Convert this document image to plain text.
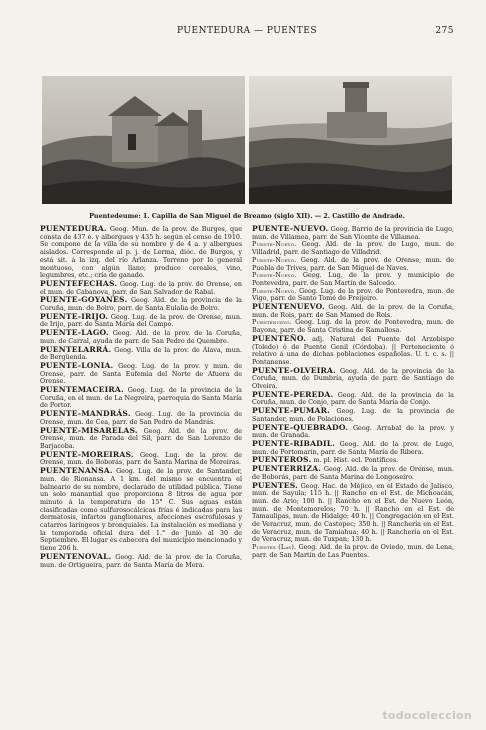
PUENTEDURA — PUENTES	275
Puentedeume: 1. Capilla de San Miguel de Breamo (siglo XII). — 2. Castillo de Andrade.

PUENTEDURA. Geog. Mun. de la prov. de Burgos, que consta de 437 e. y albergues y 435 h. según el censo de 1910. Se compone de la villa de su nombre y de 4 a. y albergues aislados. Corresponde al p. j. de Lerma, dióc. de Burgos, y está sit. á la izq. del río Arlanza. Terreno por lo general montuoso, con algún llano; produce cereales, vino, legumbres, etc.; cría de ganado.

PUENTEFECHAS. Geog. Lug. de la prov. de Orense, en el mun. de Cabanova, parr. de San Salvador de Rabal.

PUENTE-GOYANES. Geog. Ald. de la provincia de la Coruña, mun. de Boiro, parr. de Santa Eulalia de Boiro.

PUENTE-IRIJO. Geog. Lug. de la prov. de Orense, mun. de Irijo, parr. de Santa María del Campo.

PUENTE-LAGO. Geog. Ald. de la prov. de la Coruña, mun. de Carral, ayuda de parr. de San Pedro de Quembre.

PUENTELARRÁ. Geog. Villa de la prov. de Álava, mun. de Bergüenda.

PUENTE-LONIA. Geog. Lug. de la prov. y mun. de Orense, parr. de Santa Eufemia del Norte de Afuera de Orense.

PUENTEMACEIRA. Geog. Lug. de la provincia de la Coruña, en el mun. de La Negreira, parroquia de Santa María de Portor.

PUENTE-MANDRÁS. Geog. Lug. de la provincia de Orense, mun. de Cea, parr. de San Pedro de Mandrás.

PUENTE-MISARELAS. Geog. Ald. de la prov. de Orense, mun. de Parada del Sil, parr. de San Lorenzo de Barjacoba.

PUENTE-MOREIRAS. Geog. Lug. de la prov. de Orense, mun. de Boborás, parr. de Santa Marina de Moreiras.

PUENTENANSA. Geog. Lug. de la prov. de Santander, mun. de Rionansa. A 1 km. del mismo se encuentra el balneario de su nombre, declarado de utilidad pública. Tiene un solo manantial que proporciona 8 litros de agua por minuto á la temperatura de 15° C. Sus aguas están clasificadas como sulfurosocálcicas frías é indicadas para las dermatosis, infartos ganglionares, afecciones escrofulosas y catarros laríngeos y bronquiales. La instalación es mediana y la temporada oficial dura del 1.° de Junio al 30 de Septiembre. El lugar es cabecera del municipio mencionado y tiene 206 h.

PUENTENOVAL. Geog. Ald. de la prov. de la Coruña, mun. de Ortigueira, parr. de Santa María de Mera.

PUENTE-NUEVO. Geog. Barrio de la provincia de Lugo, mun. de Villamea, parr. de San Vicente de Villamea.

Puente-Nuevo. Geog. Ald. de la prov. de Lugo, mun. de Villadrid, parr. de Santiago de Villadrid.

Puente-Nuevo. Geog. Ald. de la prov. de Orense, mun. de Puebla de Trives, parr. de San Miguel de Naves.

Puente-Nuevo. Geog. Lug. de la prov. y municipio de Pontevedra, parr. de San Martín de Salcedo.

Puente-Nuevo. Geog. Lug. de la prov. de Pontevedra, mun. de Vigo, parr. de Santo Tomé de Freijeiro.

PUENTENUEVO. Geog. Ald. de la prov. de la Coruña, mun. de Rois, parr. de San Mamed de Rois.

Puentenuevo. Geog. Lug. de la prov. de Pontevedra, mun. de Bayona, parr. de Santa Cristina de Ramallosa.

PUENTEÑO. adj. Natural del Puente del Arzobispo (Toledo) ó de Puente Genil (Córdoba). || Perteneciente ó relativo á una de dichas poblaciones españolas. U. t. c. s. || Pontanense.

PUENTE-OLVEIRA. Geog. Ald. de la provincia de la Coruña, mun. de Dumbría, ayuda de parr. de Santiago de Olveira.

PUENTE-PEREDA. Geog. Ald. de la provincia de la Coruña, mun. de Conjo, parr. de Santa María de Conjo.

PUENTE-PUMAR. Geog. Lug. de la provincia de Santander, mun. de Polaciones.

PUENTE-QUEBRADO. Geog. Arrabal de la prov. y mun. de Granada.

PUENTE-RIBADIL. Geog. Ald. de la prov. de Lugo, mun. de Portomarín, parr. de Santa María de Ribera.

PUENTEROS. m. pl. Hist. ecl. Pontífices.

PUENTERRIZA. Geog. Ald. de la prov. de Orense, mun. de Boborás, parr. de Santa Marina de Longoseiro.

PUENTES. Geog. Hac. de Méjico, en el Estado de Jalisco, mun. de Sayula; 115 h. || Rancho en el Est. de Michoacán, mun. de Ario; 100 h. || Rancho en el Est. de Nuevo León, mun. de Montemorelos; 70 h. || Rancho en el Est. de Tamaulipas, mun. de Hidalgo; 40 h. || Congregación en el Est. de Veracruz, mun. de Castopec; 350 h. || Ranchería en el Est. de Veracruz, mun. de Tamiahua; 40 h. || Ranchería en el Est. de Veracruz, mun. de Tuxpan; 130 h.

Puentes (Las). Geog. Ald. de la prov. de Oviedo, mun. de Lena, parr. de San Martín de Las Puentes.

todocoleccion
